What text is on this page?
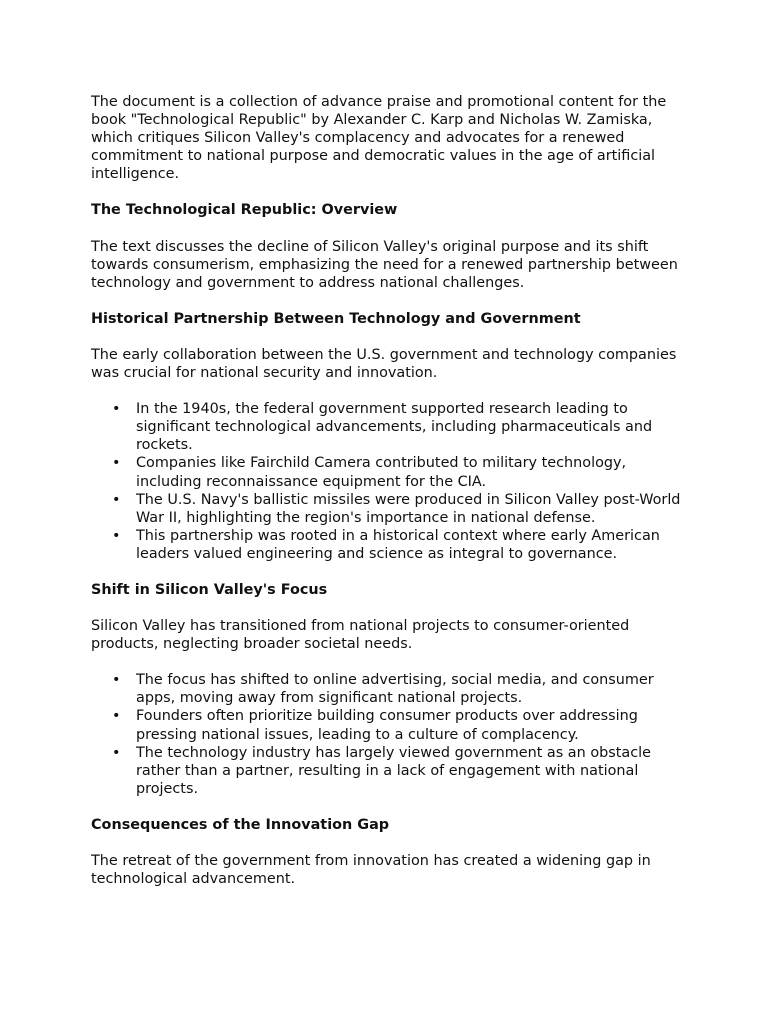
The document is a collection of advance praise and promotional content for the book "Technological Republic" by Alexander C. Karp and Nicholas W. Zamiska, which critiques Silicon Valley's complacency and advocates for a renewed commitment to national purpose and democratic values in the age of artificial intelligence.

The Technological Republic: Overview

The text discusses the decline of Silicon Valley's original purpose and its shift towards consumerism, emphasizing the need for a renewed partnership between technology and government to address national challenges.

Historical Partnership Between Technology and Government

The early collaboration between the U.S. government and technology companies was crucial for national security and innovation.

• In the 1940s, the federal government supported research leading to significant technological advancements, including pharmaceuticals and rockets.
• Companies like Fairchild Camera contributed to military technology, including reconnaissance equipment for the CIA.
• The U.S. Navy's ballistic missiles were produced in Silicon Valley post-World War II, highlighting the region's importance in national defense.
• This partnership was rooted in a historical context where early American leaders valued engineering and science as integral to governance.
Shift in Silicon Valley's Focus

Silicon Valley has transitioned from national projects to consumer-oriented products, neglecting broader societal needs.

• The focus has shifted to online advertising, social media, and consumer apps, moving away from significant national projects.
• Founders often prioritize building consumer products over addressing pressing national issues, leading to a culture of complacency.
• The technology industry has largely viewed government as an obstacle rather than a partner, resulting in a lack of engagement with national projects.
Consequences of the Innovation Gap

The retreat of the government from innovation has created a widening gap in technological advancement.
